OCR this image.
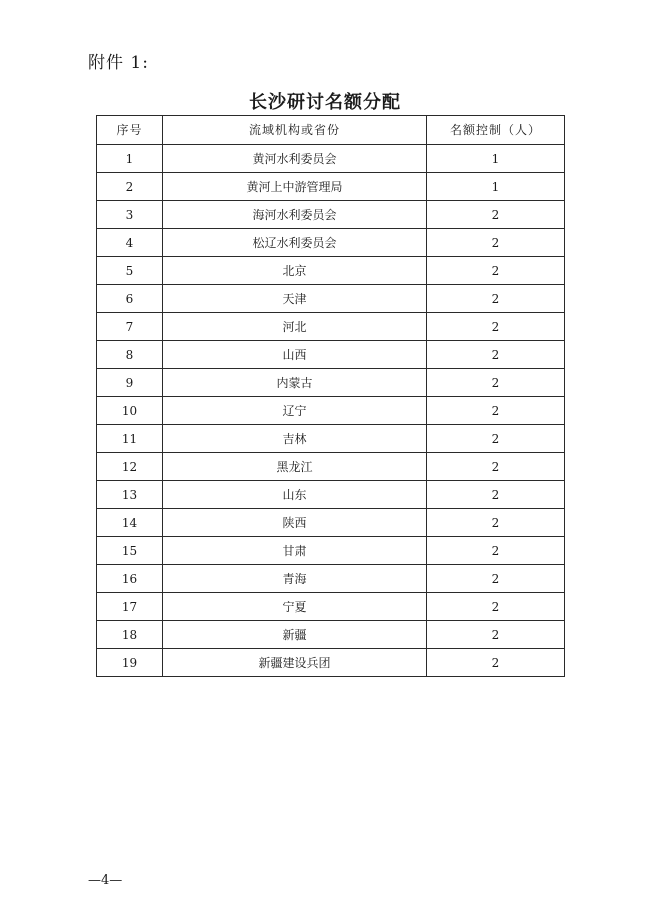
附件 1:
长沙研讨名额分配
序号	流域机构或省份	名额控制（人）
1	黄河水利委员会	1
2	黄河上中游管理局	1
3	海河水利委员会	2
4	松辽水利委员会	2
5	北京	2
6	天津	2
7	河北	2
8	山西	2
9	内蒙古	2
10	辽宁	2
11	吉林	2
12	黑龙江	2
13	山东	2
14	陕西	2
15	甘肃	2
16	青海	2
17	宁夏	2
18	新疆	2
19	新疆建设兵团	2
—4—
